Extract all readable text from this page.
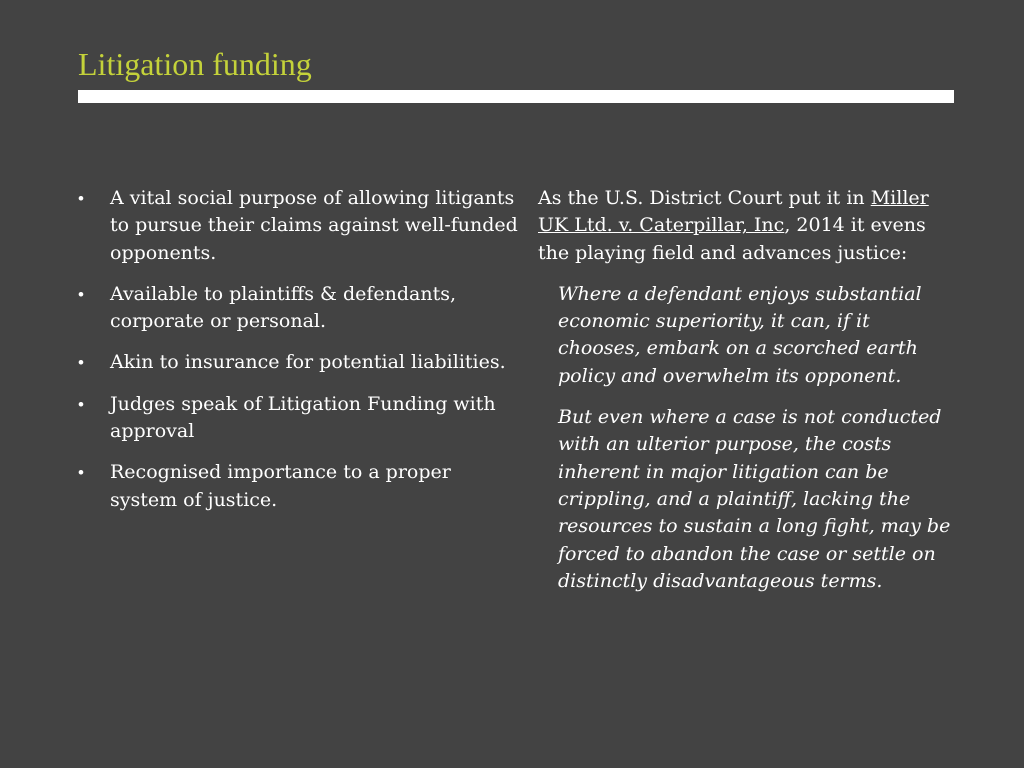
Litigation funding
•	A vital social purpose of allowing litigants to pursue their claims against well-funded opponents.
•	Available to plaintiffs & defendants, corporate or personal.
•	Akin to insurance for potential liabilities.
•	Judges speak of Litigation Funding with approval
•	Recognised importance to a proper system of justice.

As the U.S. District Court put it in Miller UK Ltd. v. Caterpillar, Inc, 2014 it evens the playing field and advances justice:

Where a defendant enjoys substantial economic superiority, it can, if it chooses, embark on a scorched earth policy and overwhelm its opponent.

But even where a case is not conducted with an ulterior purpose, the costs inherent in major litigation can be crippling, and a plaintiff, lacking the resources to sustain a long fight, may be forced to abandon the case or settle on distinctly disadvantageous terms.
